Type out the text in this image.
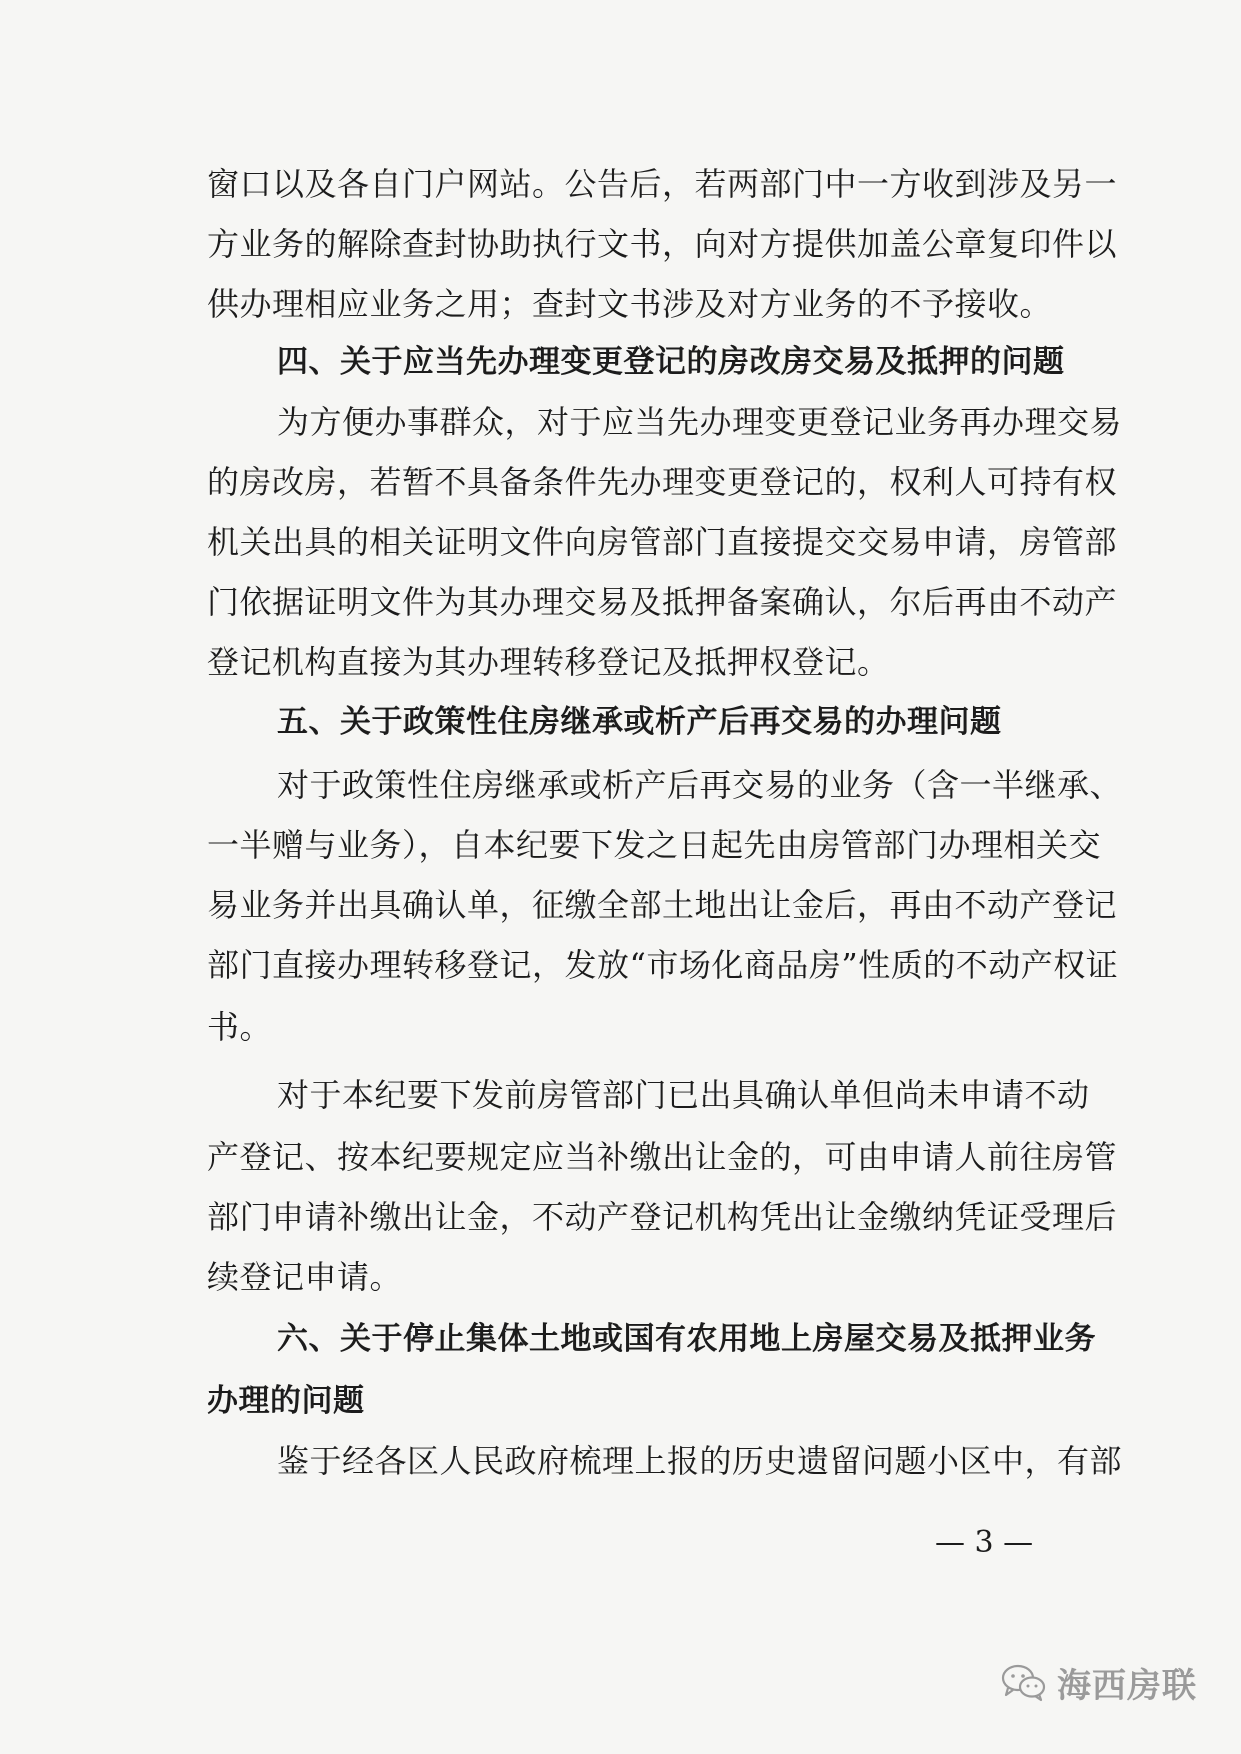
窗口以及各自门户网站。公告后，若两部门中一方收到涉及另一
方业务的解除查封协助执行文书，向对方提供加盖公章复印件以
供办理相应业务之用；查封文书涉及对方业务的不予接收。
四、关于应当先办理变更登记的房改房交易及抵押的问题
为方便办事群众，对于应当先办理变更登记业务再办理交易
的房改房，若暂不具备条件先办理变更登记的，权利人可持有权
机关出具的相关证明文件向房管部门直接提交交易申请，房管部
门依据证明文件为其办理交易及抵押备案确认，尔后再由不动产
登记机构直接为其办理转移登记及抵押权登记。
五、关于政策性住房继承或析产后再交易的办理问题
对于政策性住房继承或析产后再交易的业务（含一半继承、
一半赠与业务），自本纪要下发之日起先由房管部门办理相关交
易业务并出具确认单，征缴全部土地出让金后，再由不动产登记
部门直接办理转移登记，发放“市场化商品房”性质的不动产权证
书。
对于本纪要下发前房管部门已出具确认单但尚未申请不动
产登记、按本纪要规定应当补缴出让金的，可由申请人前往房管
部门申请补缴出让金，不动产登记机构凭出让金缴纳凭证受理后
续登记申请。
六、关于停止集体土地或国有农用地上房屋交易及抵押业务
办理的问题
鉴于经各区人民政府梳理上报的历史遗留问题小区中，有部
— 3 —
海西房联
